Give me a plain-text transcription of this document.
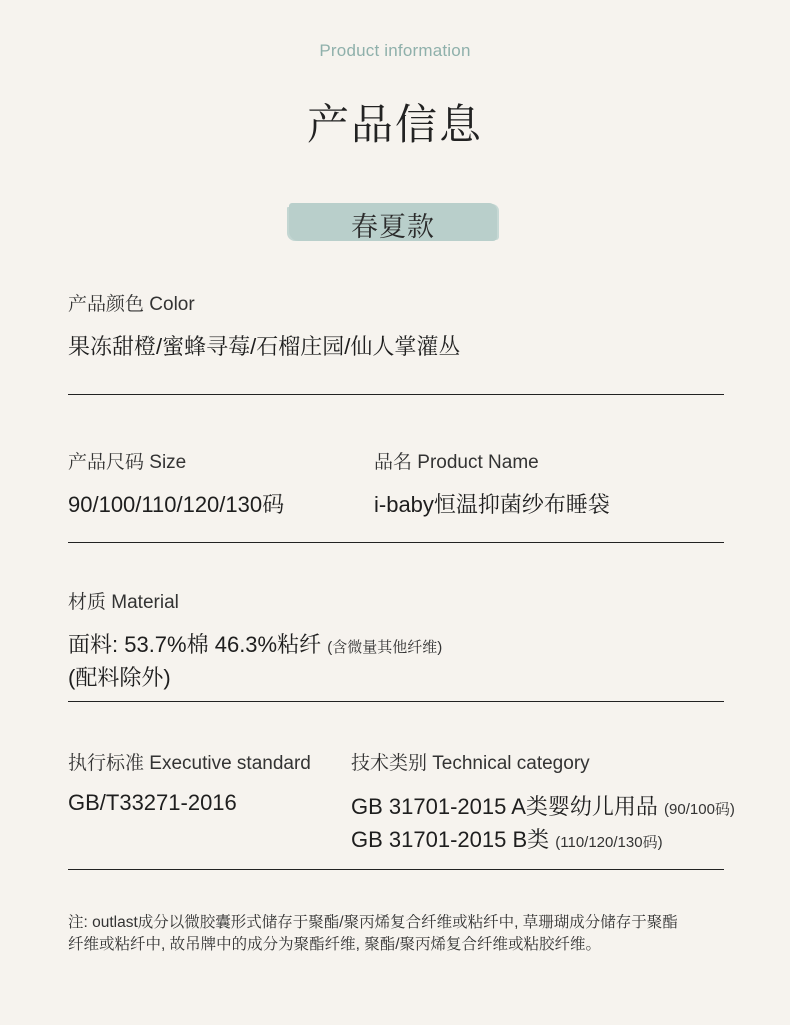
Product information
产品信息
春夏款
产品颜色 Color
果冻甜橙/蜜蜂寻莓/石榴庄园/仙人掌灌丛
产品尺码 Size
90/100/110/120/130码
品名 Product Name
i-baby恒温抑菌纱布睡袋
材质 Material
面料: 53.7%棉 46.3%粘纤 (含微量其他纤维)
(配料除外)
执行标准 Executive standard
GB/T33271-2016
技术类别 Technical category
GB 31701-2015 A类婴幼儿用品 (90/100码)
GB 31701-2015 B类 (110/120/130码)
注: outlast成分以微胶囊形式储存于聚酯/聚丙烯复合纤维或粘纤中, 草珊瑚成分储存于聚酯
纤维或粘纤中, 故吊牌中的成分为聚酯纤维, 聚酯/聚丙烯复合纤维或粘胶纤维。
